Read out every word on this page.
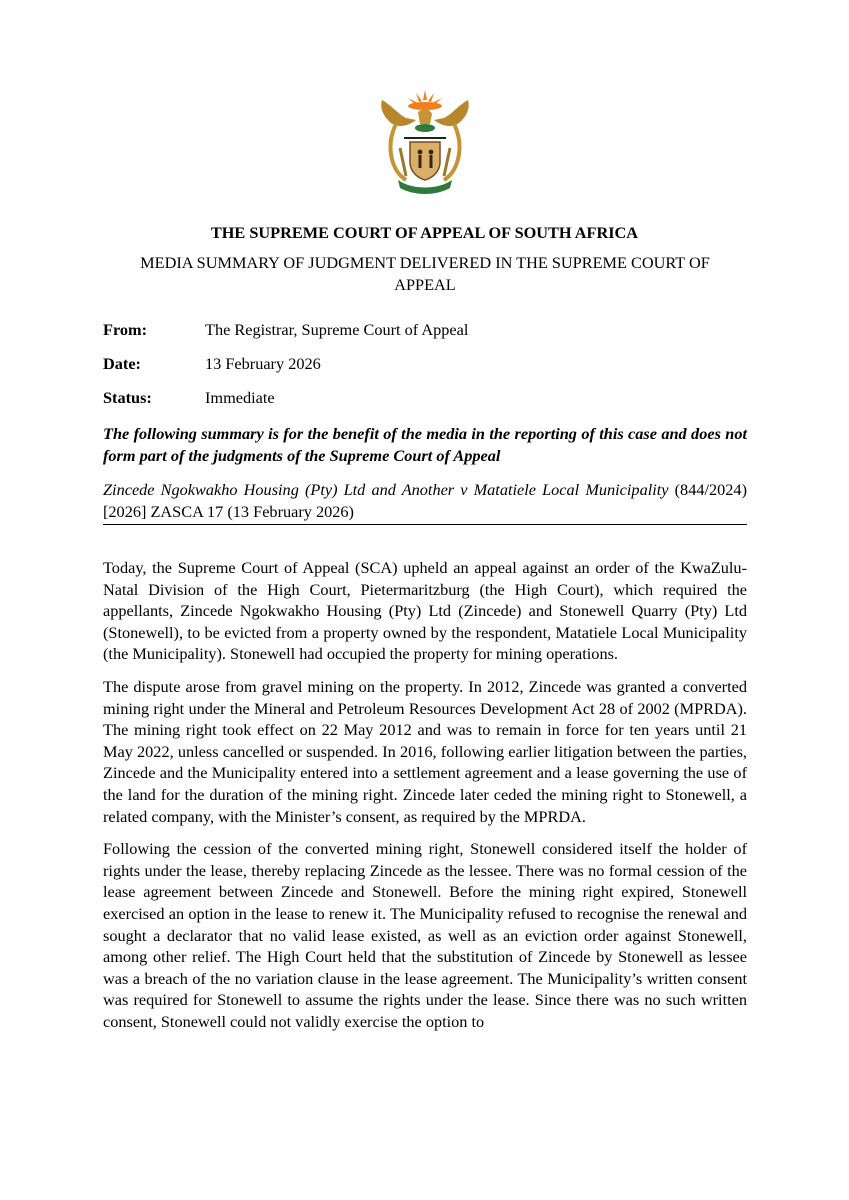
THE SUPREME COURT OF APPEAL OF SOUTH AFRICA
MEDIA SUMMARY OF JUDGMENT DELIVERED IN THE SUPREME COURT OF APPEAL
From:	The Registrar, Supreme Court of Appeal
Date:	13 February 2026
Status:	Immediate
The following summary is for the benefit of the media in the reporting of this case and does not form part of the judgments of the Supreme Court of Appeal
Zincede Ngokwakho Housing (Pty) Ltd and Another v Matatiele Local Municipality (844/2024) [2026] ZASCA 17 (13 February 2026)

Today, the Supreme Court of Appeal (SCA) upheld an appeal against an order of the KwaZulu-Natal Division of the High Court, Pietermaritzburg (the High Court), which required the appellants, Zincede Ngokwakho Housing (Pty) Ltd (Zincede) and Stonewell Quarry (Pty) Ltd (Stonewell), to be evicted from a property owned by the respondent, Matatiele Local Municipality (the Municipality). Stonewell had occupied the property for mining operations.

The dispute arose from gravel mining on the property. In 2012, Zincede was granted a converted mining right under the Mineral and Petroleum Resources Development Act 28 of 2002 (MPRDA). The mining right took effect on 22 May 2012 and was to remain in force for ten years until 21 May 2022, unless cancelled or suspended. In 2016, following earlier litigation between the parties, Zincede and the Municipality entered into a settlement agreement and a lease governing the use of the land for the duration of the mining right. Zincede later ceded the mining right to Stonewell, a related company, with the Minister’s consent, as required by the MPRDA.

Following the cession of the converted mining right, Stonewell considered itself the holder of rights under the lease, thereby replacing Zincede as the lessee. There was no formal cession of the lease agreement between Zincede and Stonewell. Before the mining right expired, Stonewell exercised an option in the lease to renew it. The Municipality refused to recognise the renewal and sought a declarator that no valid lease existed, as well as an eviction order against Stonewell, among other relief. The High Court held that the substitution of Zincede by Stonewell as lessee was a breach of the no variation clause in the lease agreement. The Municipality’s written consent was required for Stonewell to assume the rights under the lease. Since there was no such written consent, Stonewell could not validly exercise the option to
